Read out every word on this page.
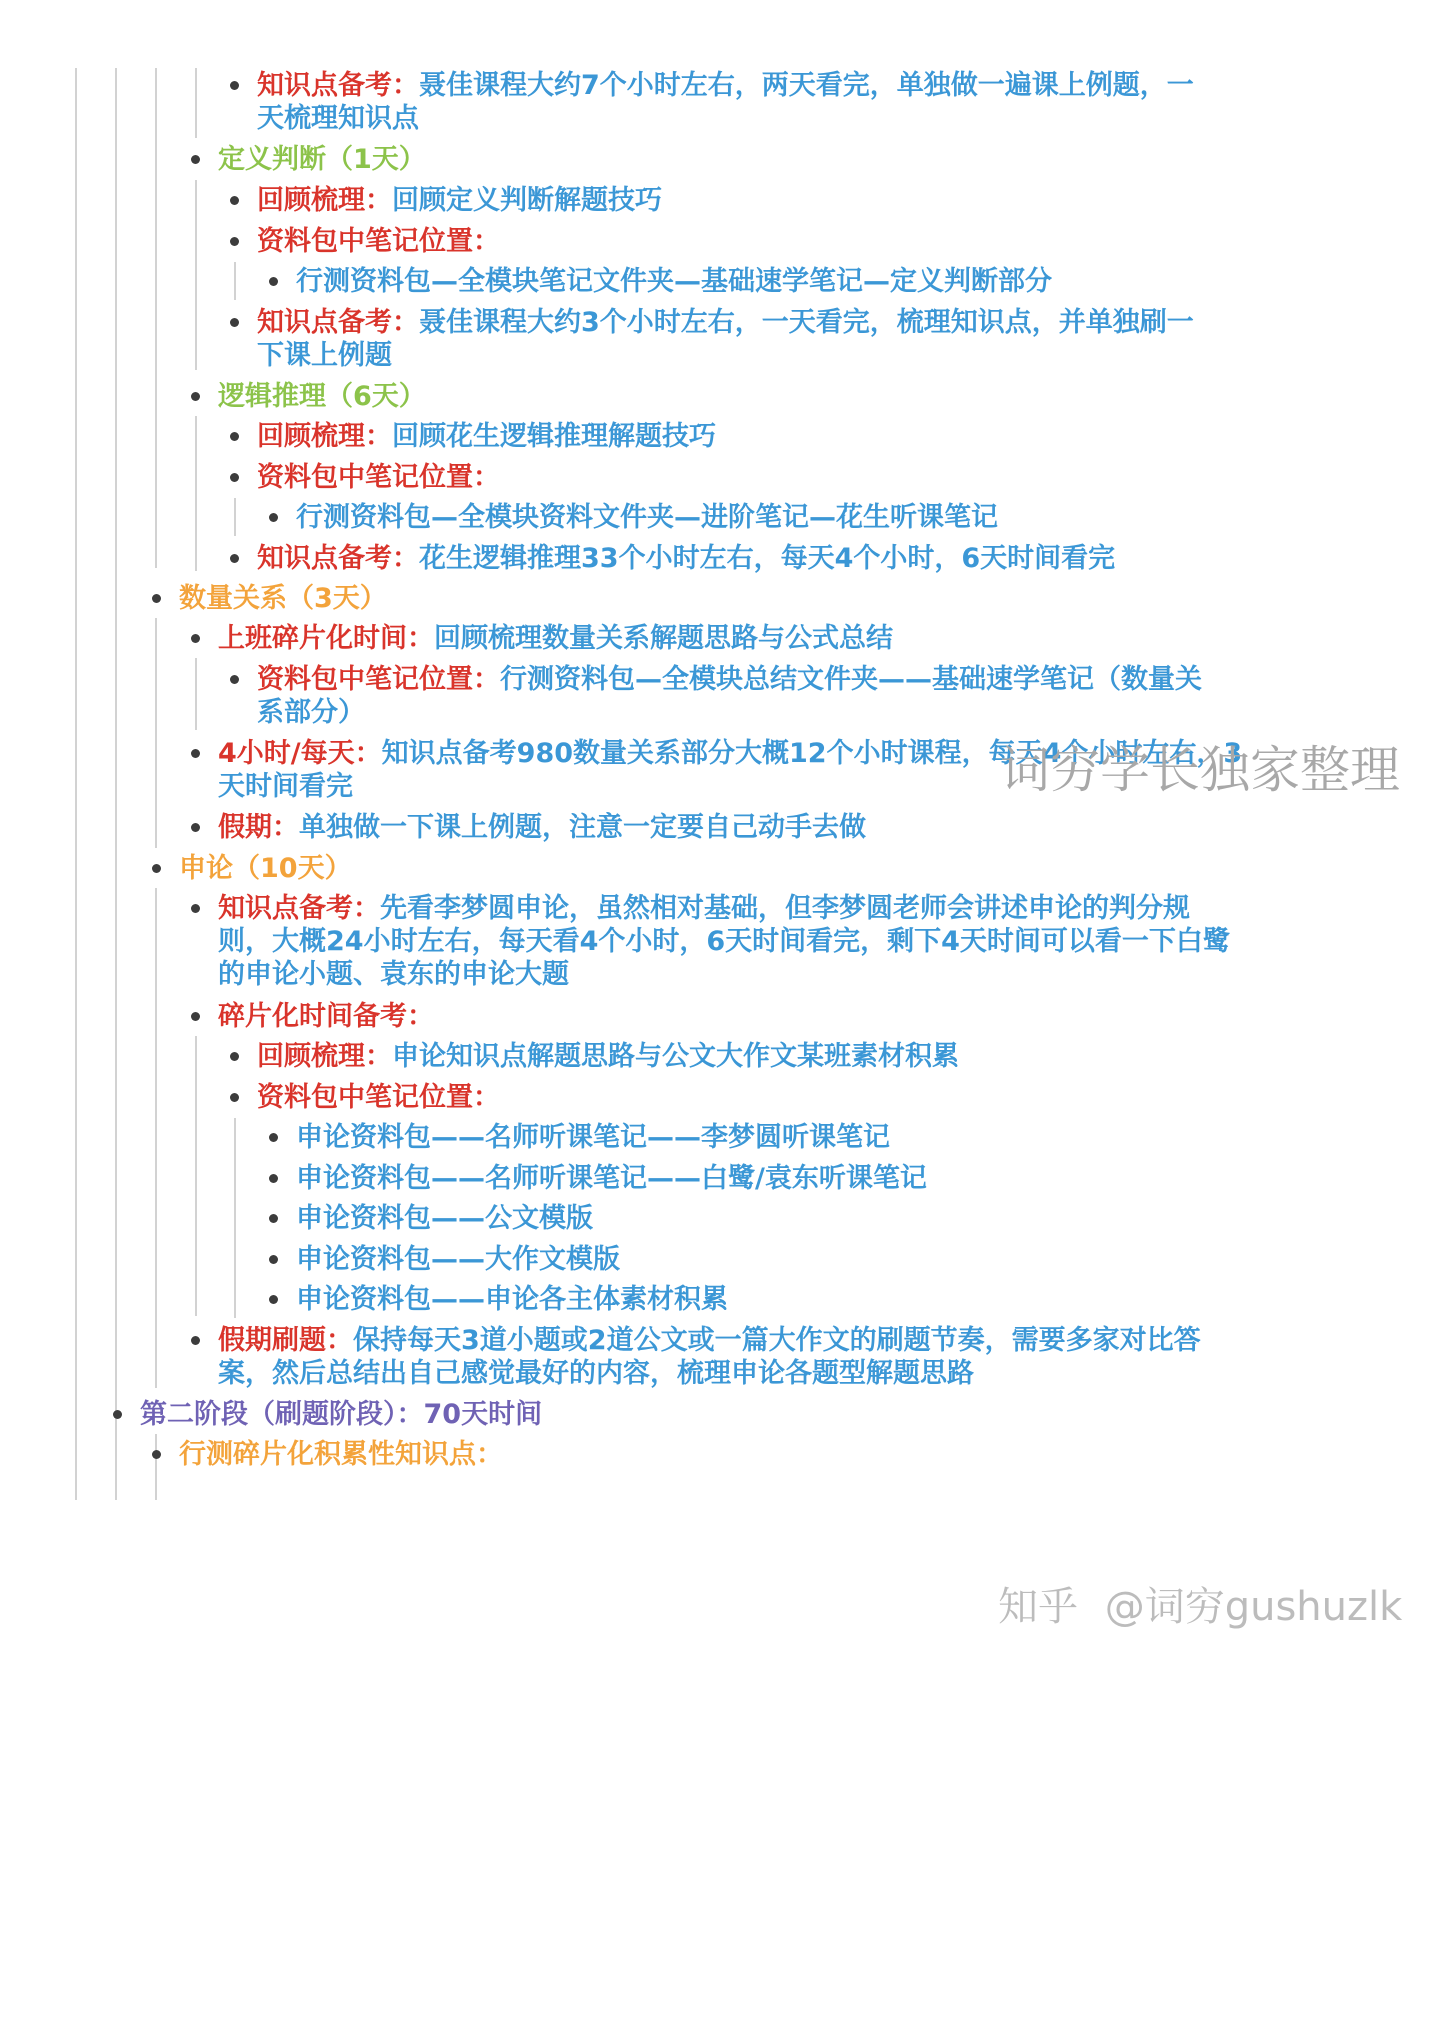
知识点备考：聂佳课程大约7个小时左右，两天看完，单独做一遍课上例题，一
天梳理知识点
定义判断（1天）
回顾梳理：回顾定义判断解题技巧
资料包中笔记位置：
行测资料包—全模块笔记文件夹—基础速学笔记—定义判断部分
知识点备考：聂佳课程大约3个小时左右，一天看完，梳理知识点，并单独刷一
下课上例题
逻辑推理（6天）
回顾梳理：回顾花生逻辑推理解题技巧
资料包中笔记位置：
行测资料包—全模块资料文件夹—进阶笔记—花生听课笔记
知识点备考：花生逻辑推理33个小时左右，每天4个小时，6天时间看完
数量关系（3天）
上班碎片化时间：回顾梳理数量关系解题思路与公式总结
资料包中笔记位置：行测资料包—全模块总结文件夹——基础速学笔记（数量关
系部分）
4小时/每天：知识点备考980数量关系部分大概12个小时课程，每天4个小时左右，3
天时间看完	词穷学长独家整理
假期：单独做一下课上例题，注意一定要自己动手去做
申论（10天）
知识点备考：先看李梦圆申论，虽然相对基础，但李梦圆老师会讲述申论的判分规
则，大概24小时左右，每天看4个小时，6天时间看完，剩下4天时间可以看一下白鹭
的申论小题、袁东的申论大题
碎片化时间备考：
回顾梳理：申论知识点解题思路与公文大作文某班素材积累
资料包中笔记位置：
申论资料包——名师听课笔记——李梦圆听课笔记
申论资料包——名师听课笔记——白鹭/袁东听课笔记
申论资料包——公文模版
申论资料包——大作文模版
申论资料包——申论各主体素材积累
假期刷题：保持每天3道小题或2道公文或一篇大作文的刷题节奏，需要多家对比答
案，然后总结出自己感觉最好的内容，梳理申论各题型解题思路
第二阶段（刷题阶段）：70天时间
行测碎片化积累性知识点：
知乎 @词穷gushuzlk
